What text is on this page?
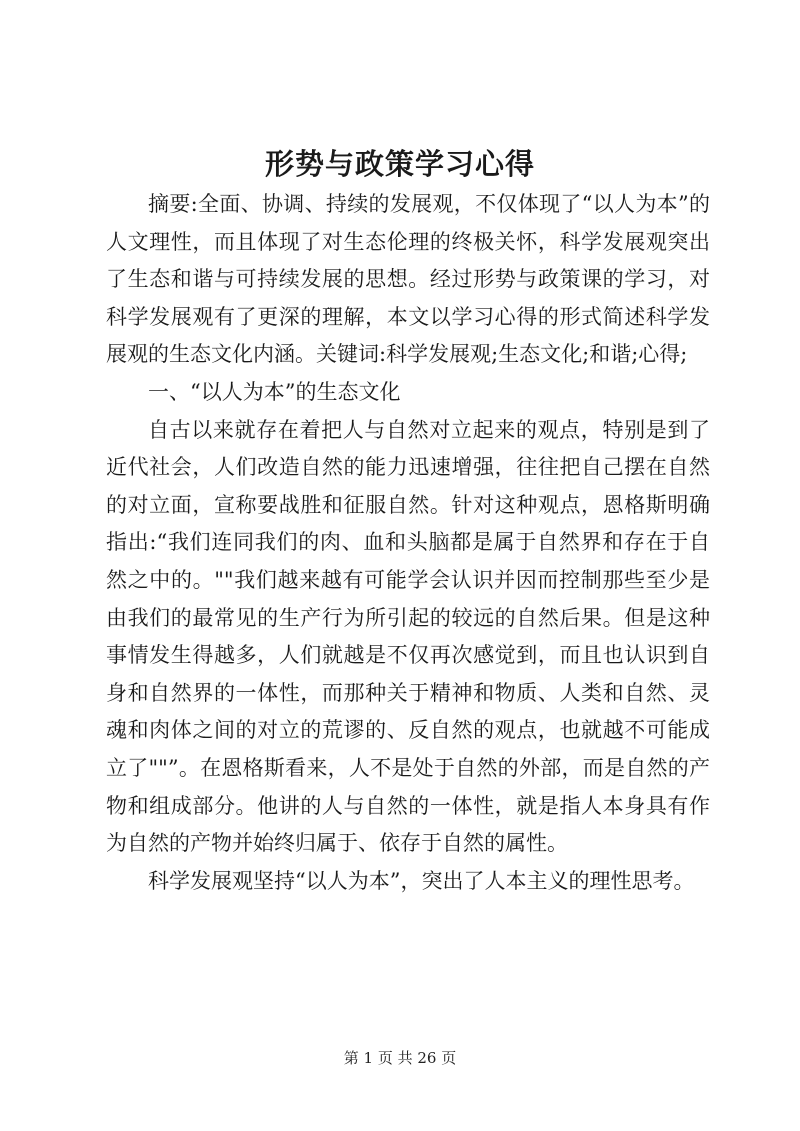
形势与政策学习心得

摘要:全面、协调、持续的发展观，不仅体现了“以人为本”的人文理性，而且体现了对生态伦理的终极关怀，科学发展观突出了生态和谐与可持续发展的思想。经过形势与政策课的学习，对科学发展观有了更深的理解，本文以学习心得的形式简述科学发展观的生态文化内涵。关键词:科学发展观;生态文化;和谐;心得;

一、“以人为本”的生态文化

自古以来就存在着把人与自然对立起来的观点，特别是到了近代社会，人们改造自然的能力迅速增强，往往把自己摆在自然的对立面，宣称要战胜和征服自然。针对这种观点，恩格斯明确指出:“我们连同我们的肉、血和头脑都是属于自然界和存在于自然之中的。""我们越来越有可能学会认识并因而控制那些至少是由我们的最常见的生产行为所引起的较远的自然后果。但是这种事情发生得越多，人们就越是不仅再次感觉到，而且也认识到自身和自然界的一体性，而那种关于精神和物质、人类和自然、灵魂和肉体之间的对立的荒谬的、反自然的观点，也就越不可能成立了""”。在恩格斯看来，人不是处于自然的外部，而是自然的产物和组成部分。他讲的人与自然的一体性，就是指人本身具有作为自然的产物并始终归属于、依存于自然的属性。

科学发展观坚持“以人为本”，突出了人本主义的理性思考。

第 1 页 共 26 页
